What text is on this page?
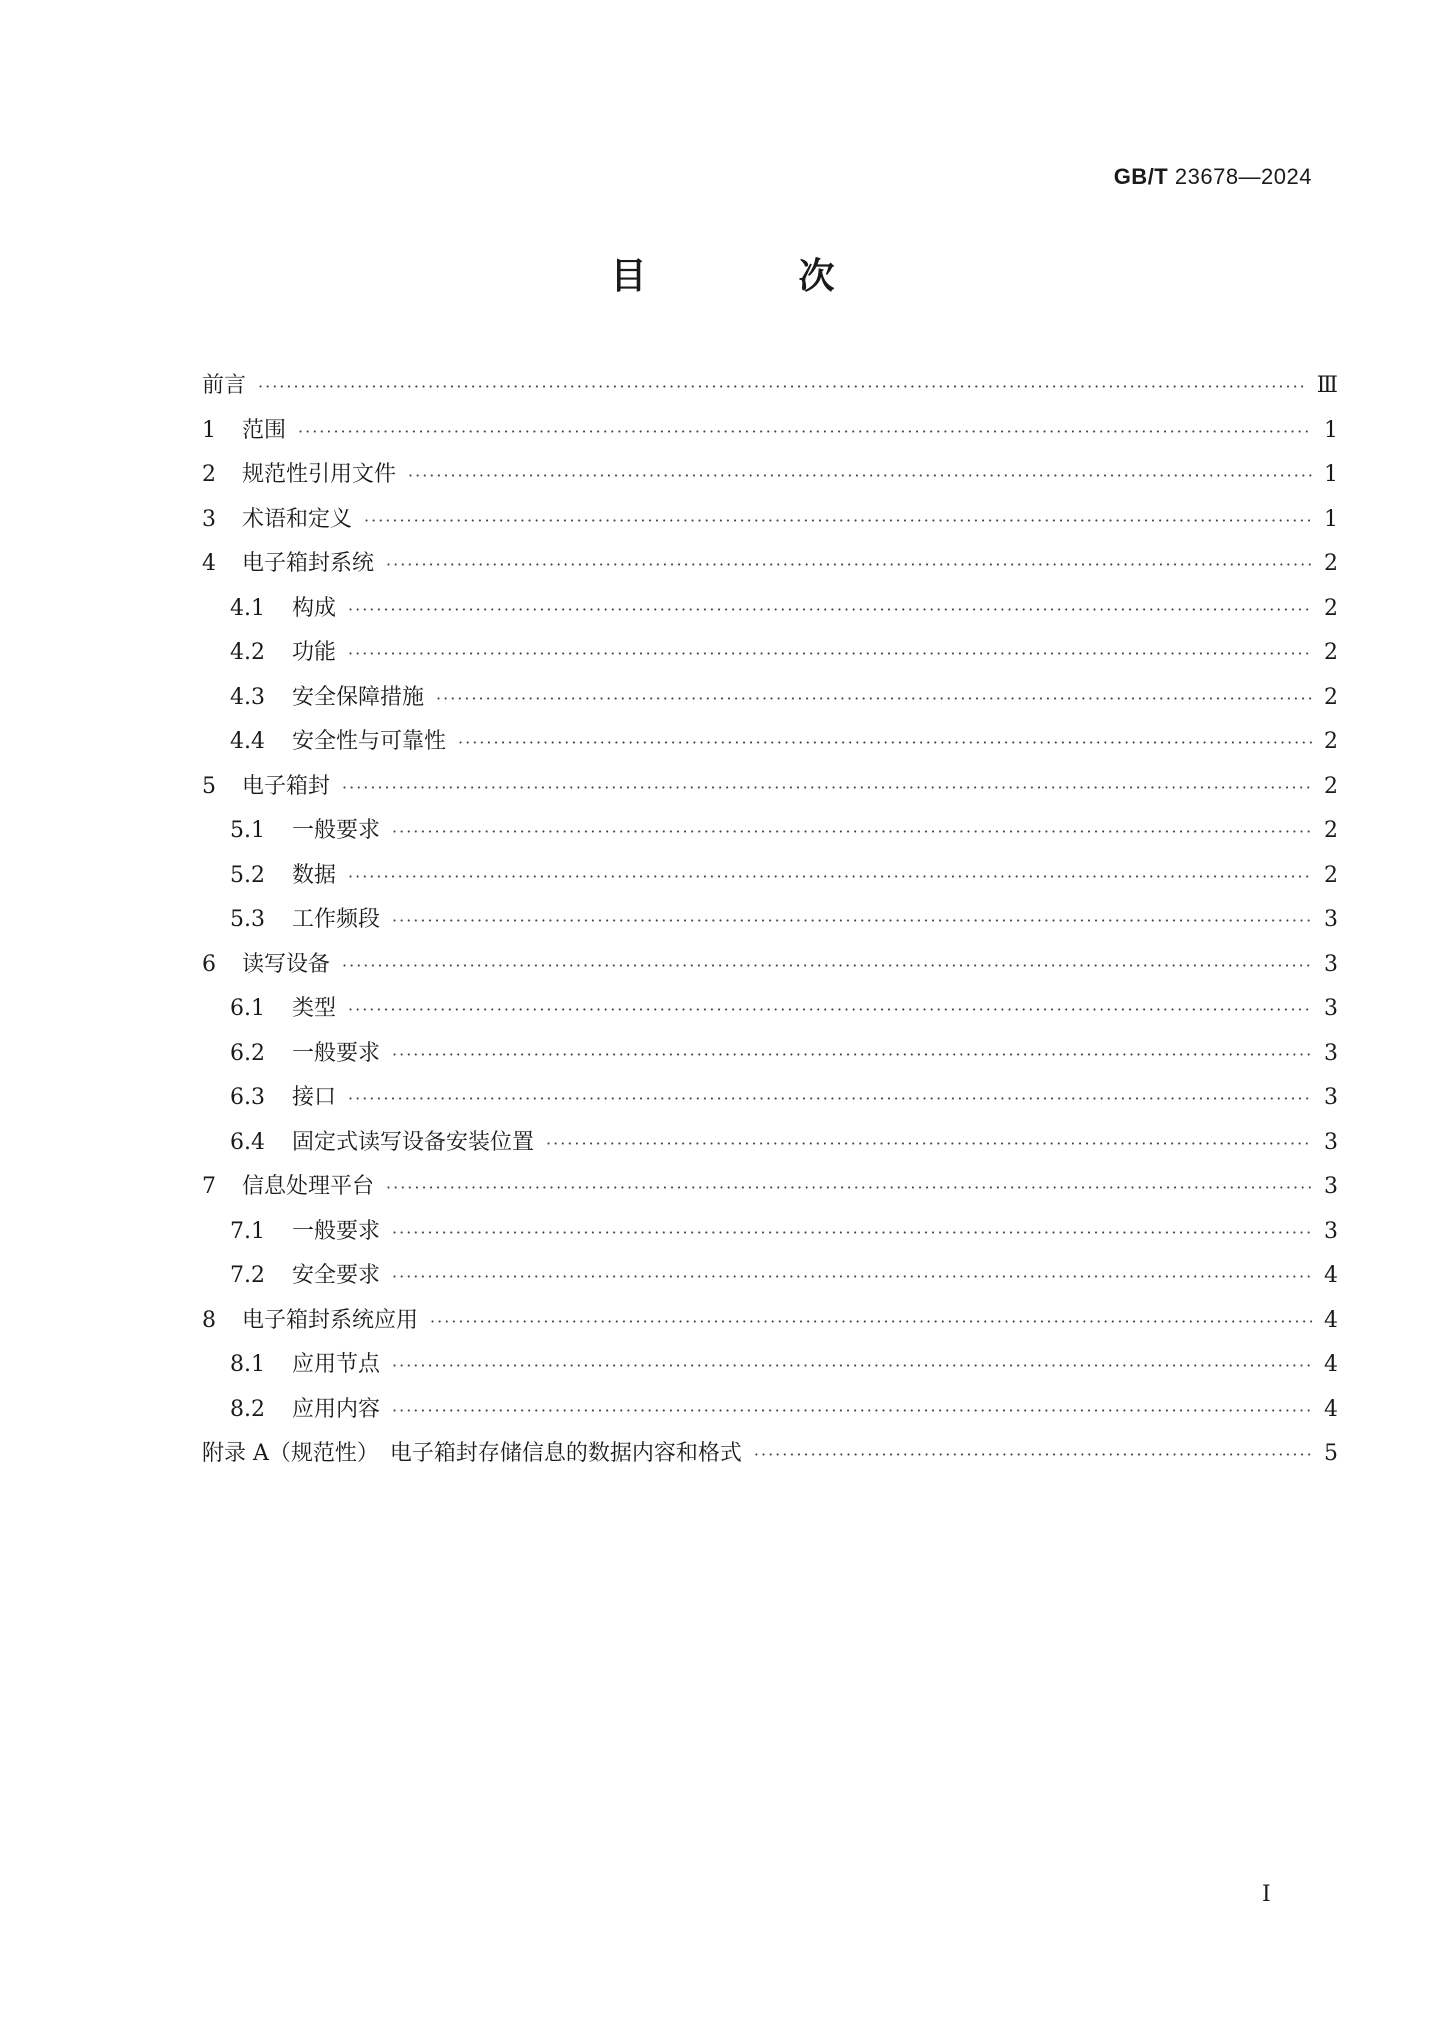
GB/T 23678—2024
目　次
前言 ·····	Ⅲ
1	范围 ·····	1
2	规范性引用文件 ·····	1
3	术语和定义 ·····	1
4	电子箱封系统 ·····	2
4.1	构成 ·····	2
4.2	功能 ·····	2
4.3	安全保障措施 ·····	2
4.4	安全性与可靠性 ·····	2
5	电子箱封 ·····	2
5.1	一般要求 ·····	2
5.2	数据 ·····	2
5.3	工作频段 ·····	3
6	读写设备 ·····	3
6.1	类型 ·····	3
6.2	一般要求 ·····	3
6.3	接口 ·····	3
6.4	固定式读写设备安装位置 ·····	3
7	信息处理平台 ·····	3
7.1	一般要求 ·····	3
7.2	安全要求 ·····	4
8	电子箱封系统应用 ·····	4
8.1	应用节点 ·····	4
8.2	应用内容 ·····	4
附录 A（规范性）　电子箱封存储信息的数据内容和格式 ·····	5
Ⅰ
